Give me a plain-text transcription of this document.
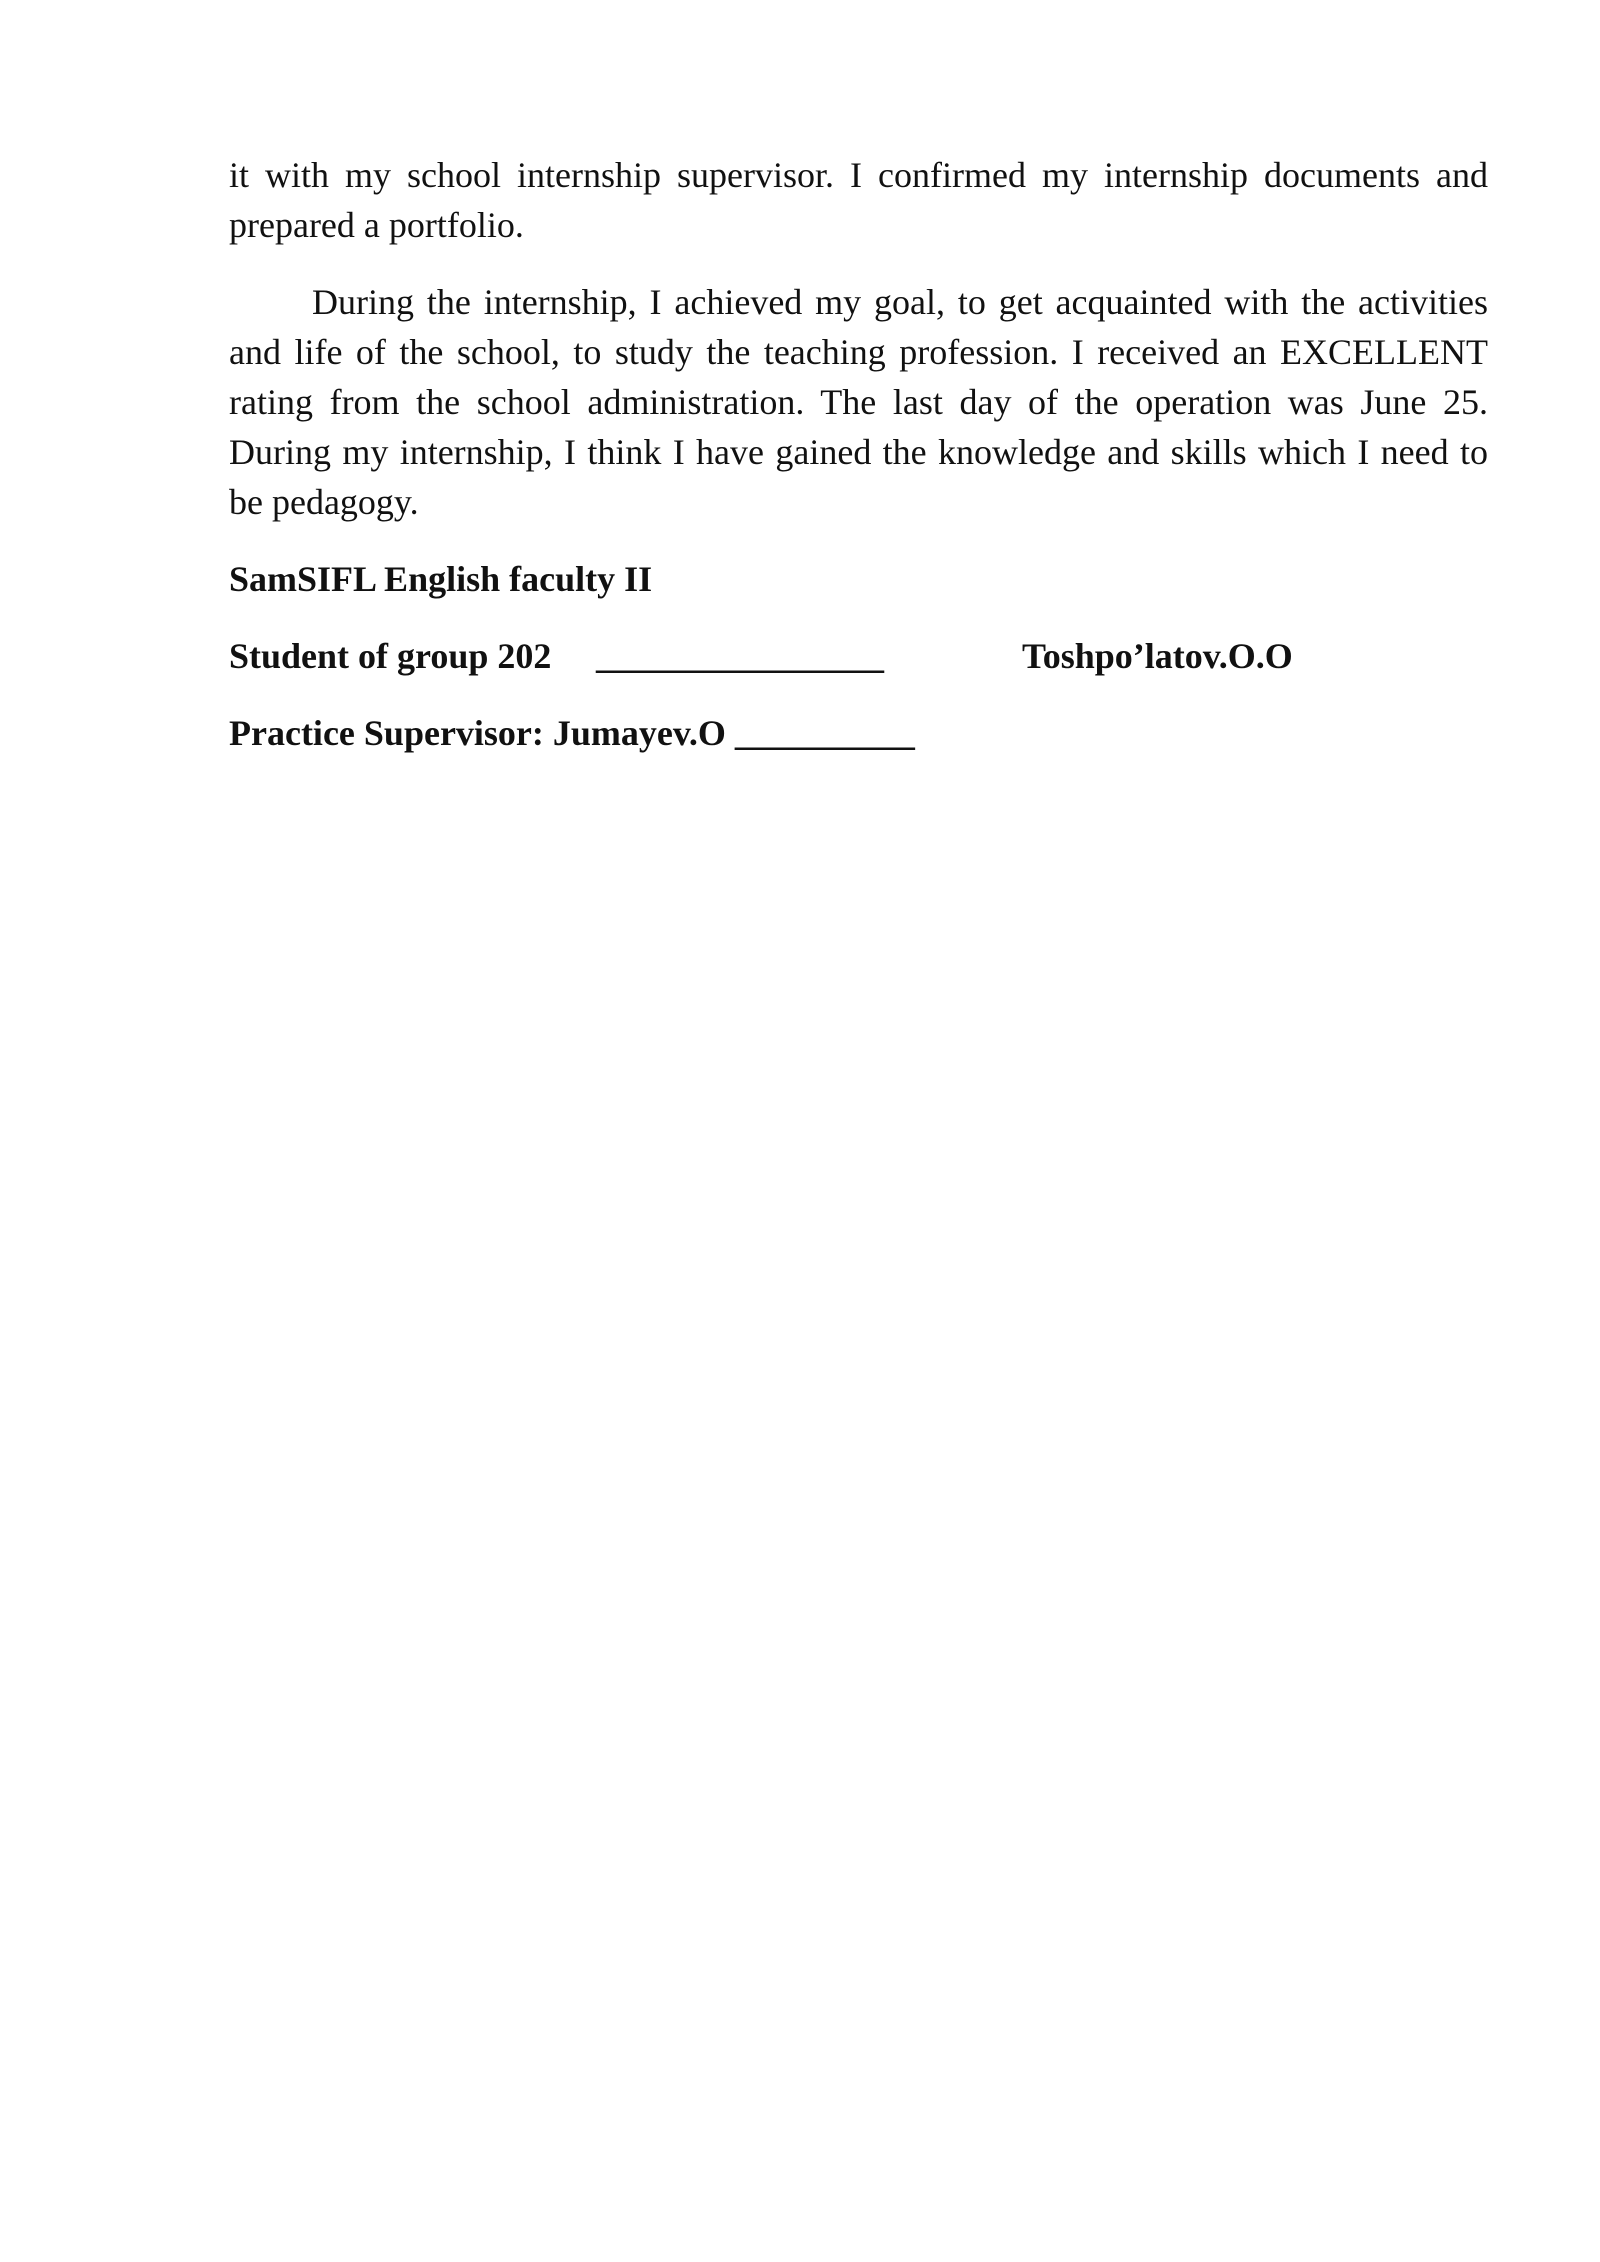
it with my school internship supervisor. I confirmed my internship documents and prepared a portfolio.

During the internship, I achieved my goal, to get acquainted with the activities and life of the school, to study the teaching profession. I received an EXCELLENT rating from the school administration. The last day of the operation was June 25. During my internship, I think I have gained the knowledge and skills which I need to be pedagogy.

SamSIFL English faculty II

Student of group 202 ________________	Toshpo’latov.O.O

Practice Supervisor: Jumayev.O __________
